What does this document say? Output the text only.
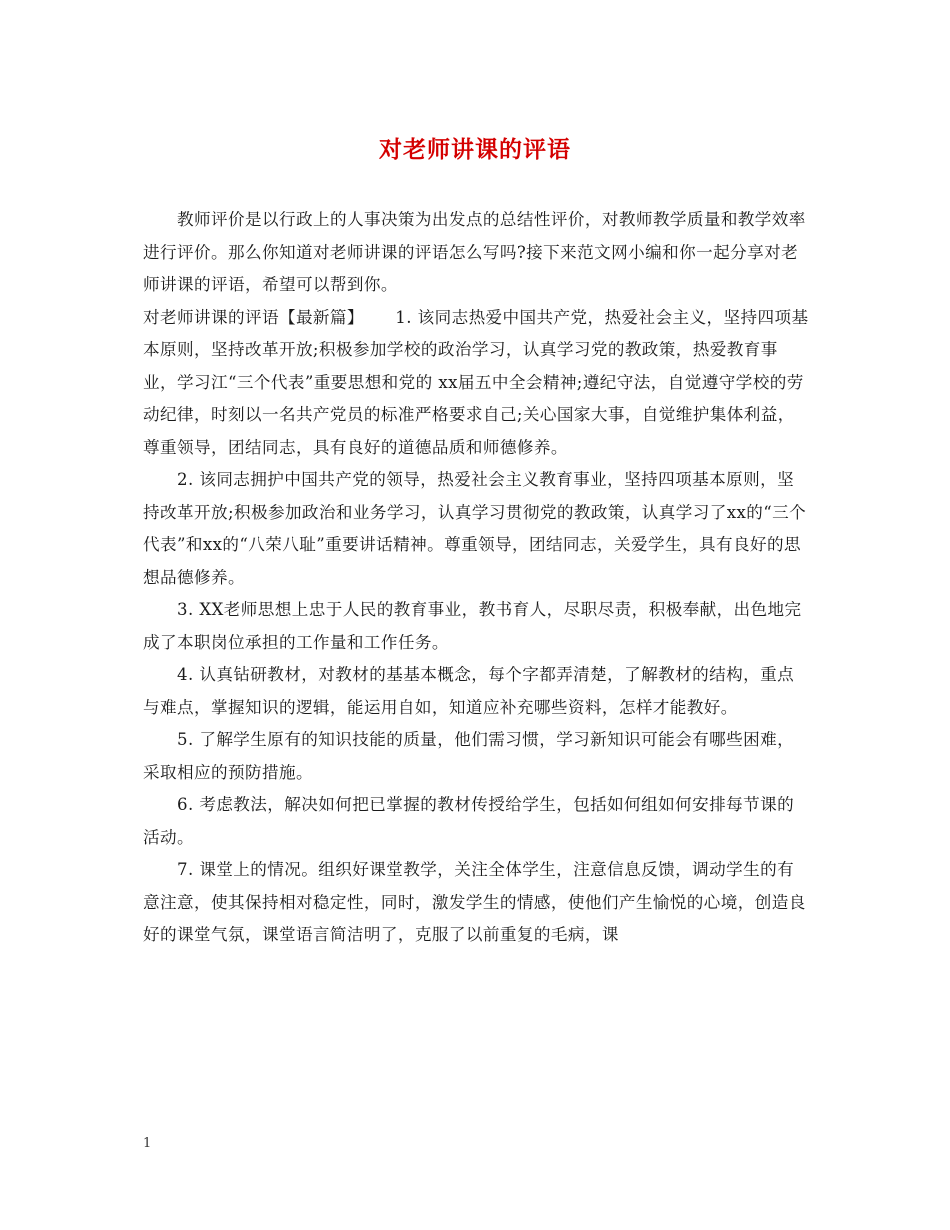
对老师讲课的评语

教师评价是以行政上的人事决策为出发点的总结性评价，对教师教学质量和教学效率进行评价。那么你知道对老师讲课的评语怎么写吗?接下来范文网小编和你一起分享对老师讲课的评语，希望可以帮到你。

对老师讲课的评语【最新篇】　　 1. 该同志热爱中国共产党，热爱社会主义，坚持四项基本原则，坚持改革开放;积极参加学校的政治学习，认真学习党的教政策，热爱教育事业，学习江“三个代表”重要思想和党的 xx届五中全会精神;遵纪守法，自觉遵守学校的劳动纪律，时刻以一名共产党员的标准严格要求自己;关心国家大事，自觉维护集体利益，尊重领导，团结同志，具有良好的道德品质和师德修养。

2. 该同志拥护中国共产党的领导，热爱社会主义教育事业，坚持四项基本原则，坚持改革开放;积极参加政治和业务学习，认真学习贯彻党的教政策，认真学习了xx的“三个代表”和xx的“八荣八耻”重要讲话精神。尊重领导，团结同志，关爱学生，具有良好的思想品德修养。

3. XX老师思想上忠于人民的教育事业，教书育人，尽职尽责，积极奉献，出色地完成了本职岗位承担的工作量和工作任务。

4. 认真钻研教材，对教材的基基本概念，每个字都弄清楚，了解教材的结构，重点与难点，掌握知识的逻辑，能运用自如，知道应补充哪些资料，怎样才能教好。

5. 了解学生原有的知识技能的质量，他们需习惯，学习新知识可能会有哪些困难，采取相应的预防措施。

6. 考虑教法，解决如何把已掌握的教材传授给学生，包括如何组如何安排每节课的活动。

7. 课堂上的情况。组织好课堂教学，关注全体学生，注意信息反馈，调动学生的有意注意，使其保持相对稳定性，同时，激发学生的情感，使他们产生愉悦的心境，创造良好的课堂气氛，课堂语言简洁明了，克服了以前重复的毛病，课

1
